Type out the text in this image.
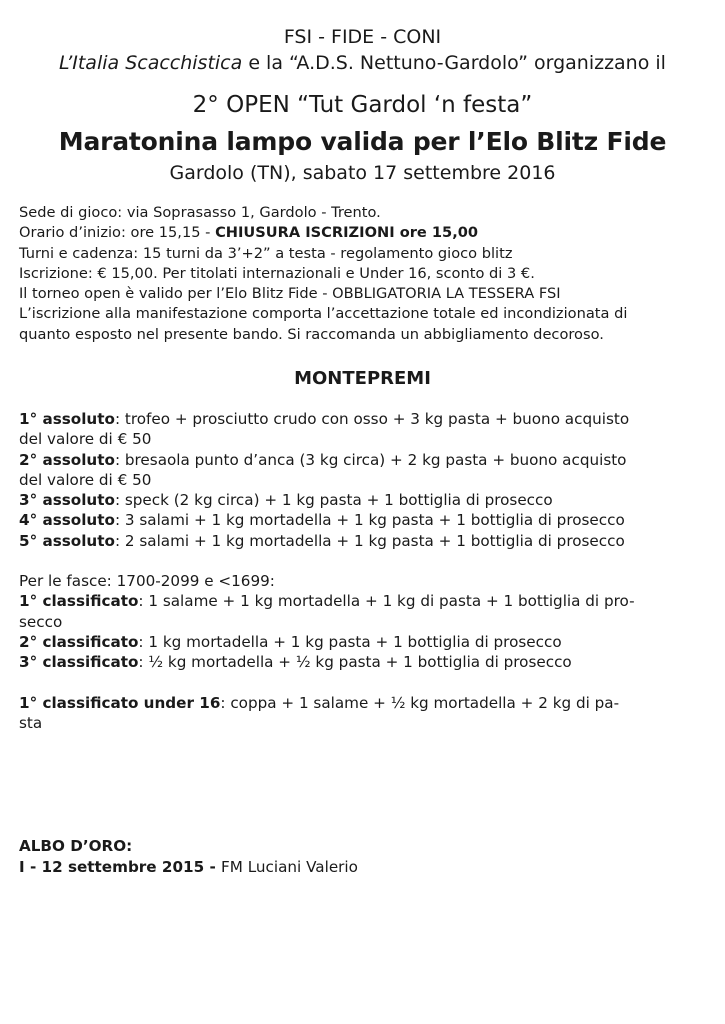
FSI - FIDE - CONI
L’Italia Scacchistica e la “A.D.S. Nettuno-Gardolo” organizzano il
2° OPEN “Tut Gardol ‘n festa”
Maratonina lampo valida per l’Elo Blitz Fide
Gardolo (TN), sabato 17 settembre 2016
Sede di gioco: via Soprasasso 1, Gardolo - Trento.
Orario d’inizio: ore 15,15 - CHIUSURA ISCRIZIONI ore 15,00
Turni e cadenza: 15 turni da 3’+2” a testa - regolamento gioco blitz
Iscrizione: € 15,00. Per titolati internazionali e Under 16, sconto di 3 €.
Il torneo open è valido per l’Elo Blitz Fide - OBBLIGATORIA LA TESSERA FSI
L’iscrizione alla manifestazione comporta l’accettazione totale ed incondizionata di
quanto esposto nel presente bando. Si raccomanda un abbigliamento decoroso.
MONTEPREMI
1° assoluto: trofeo + prosciutto crudo con osso + 3 kg pasta + buono acquisto
del valore di € 50
2° assoluto: bresaola punto d’anca (3 kg circa) + 2 kg pasta + buono acquisto
del valore di € 50
3° assoluto: speck (2 kg circa) + 1 kg pasta + 1 bottiglia di prosecco
4° assoluto: 3 salami + 1 kg mortadella + 1 kg pasta + 1 bottiglia di prosecco
5° assoluto: 2 salami + 1 kg mortadella + 1 kg pasta + 1 bottiglia di prosecco
Per le fasce: 1700-2099 e <1699:
1° classificato: 1 salame + 1 kg mortadella + 1 kg di pasta + 1 bottiglia di pro-
secco
2° classificato: 1 kg mortadella + 1 kg pasta + 1 bottiglia di prosecco
3° classificato: ½ kg mortadella + ½ kg pasta + 1 bottiglia di prosecco
1° classificato under 16: coppa + 1 salame + ½ kg mortadella + 2 kg di pa-
sta
ALBO D’ORO:
I - 12 settembre 2015 - FM Luciani Valerio
